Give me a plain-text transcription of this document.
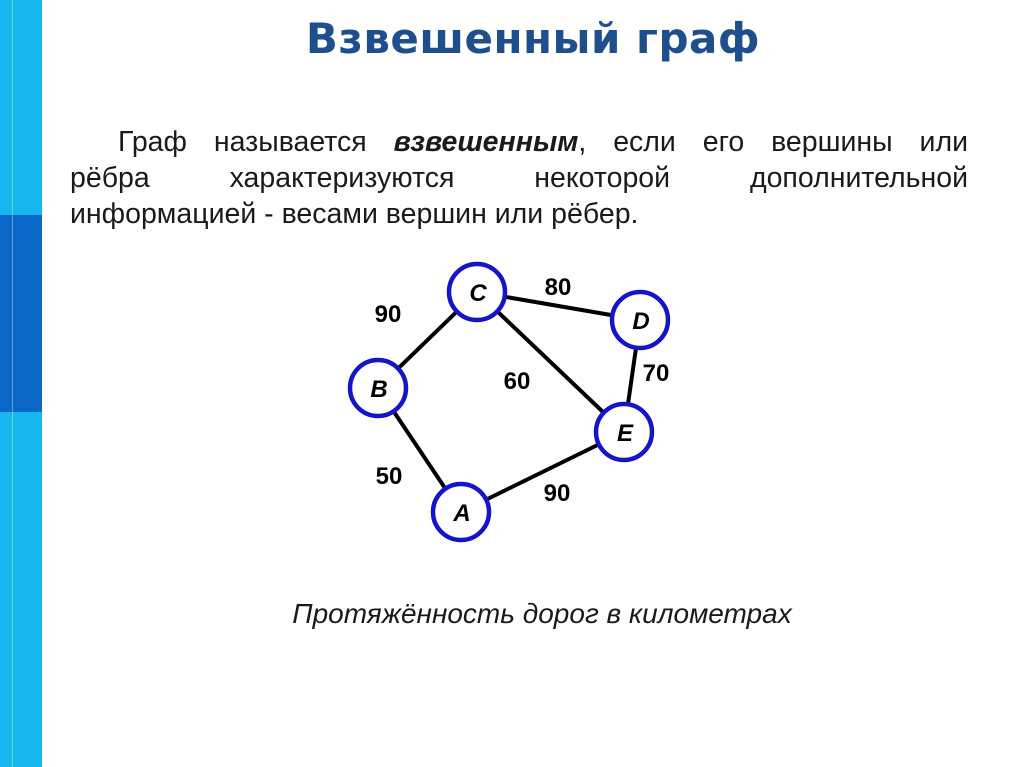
Взвешенный граф
Граф называется взвешенным, если его вершины или
рёбра характеризуются некоторой дополнительной
информацией - весами вершин или рёбер.
C
D
B
E
A
90
80
60	70
50
90
Протяжённость дорог в километрах
